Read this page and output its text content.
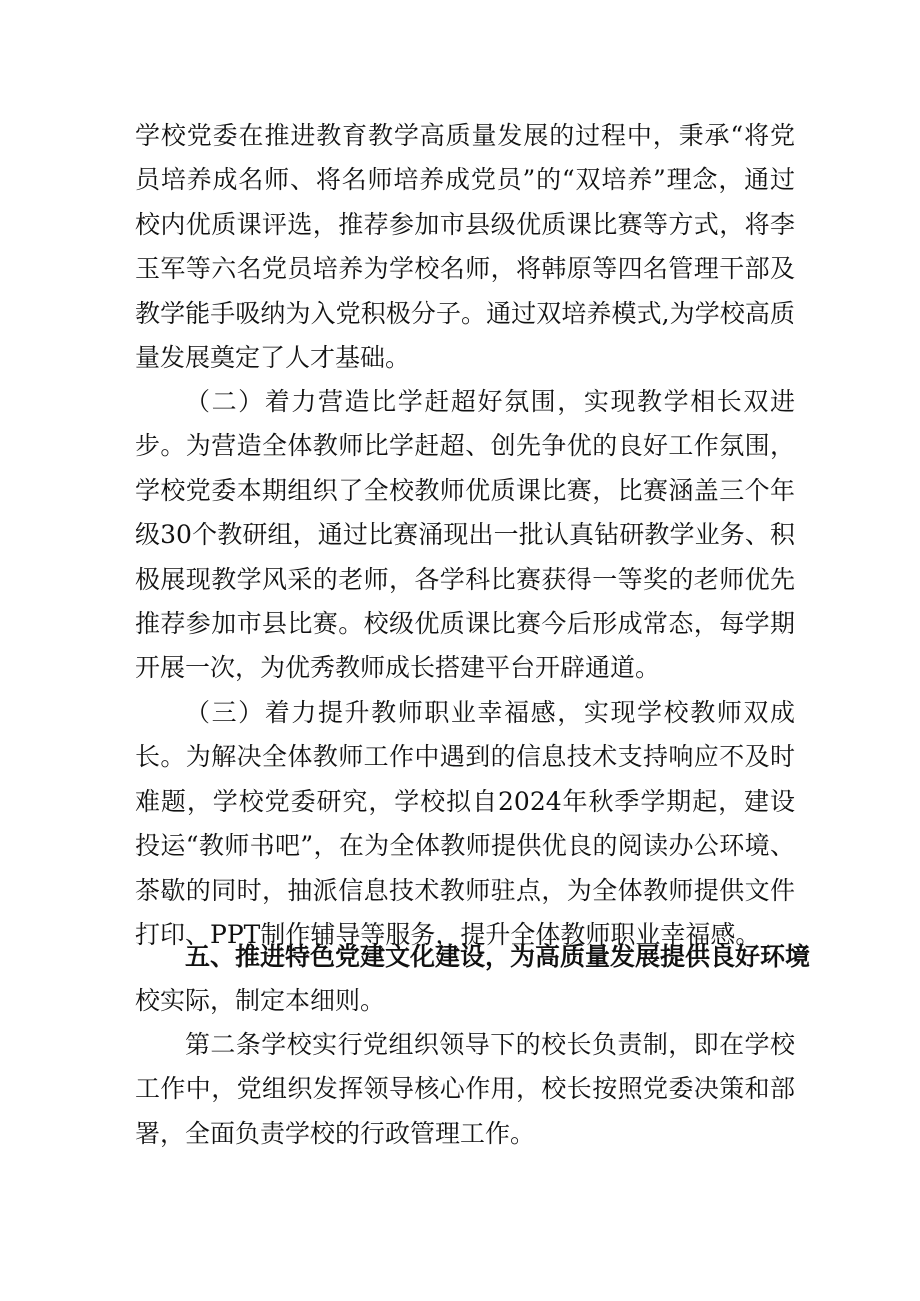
学校党委在推进教育教学高质量发展的过程中，秉承“将党员培养成名师、将名师培养成党员”的“双培养”理念，通过校内优质课评选，推荐参加市县级优质课比赛等方式，将李玉军等六名党员培养为学校名师，将韩原等四名管理干部及教学能手吸纳为入党积极分子。通过双培养模式,为学校高质量发展奠定了人才基础。

（二）着力营造比学赶超好氛围，实现教学相长双进步。为营造全体教师比学赶超、创先争优的良好工作氛围，学校党委本期组织了全校教师优质课比赛，比赛涵盖三个年级30个教研组，通过比赛涌现出一批认真钻研教学业务、积极展现教学风采的老师，各学科比赛获得一等奖的老师优先推荐参加市县比赛。校级优质课比赛今后形成常态，每学期开展一次，为优秀教师成长搭建平台开辟通道。

（三）着力提升教师职业幸福感，实现学校教师双成长。为解决全体教师工作中遇到的信息技术支持响应不及时难题，学校党委研究，学校拟自2024年秋季学期起，建设投运“教师书吧”，在为全体教师提供优良的阅读办公环境、茶歇的同时，抽派信息技术教师驻点，为全体教师提供文件打印、PPT制作辅导等服务，提升全体教师职业幸福感。

五、推进特色党建文化建设，为高质量发展提供良好环境

校实际，制定本细则。

第二条学校实行党组织领导下的校长负责制，即在学校工作中，党组织发挥领导核心作用，校长按照党委决策和部署，全面负责学校的行政管理工作。
